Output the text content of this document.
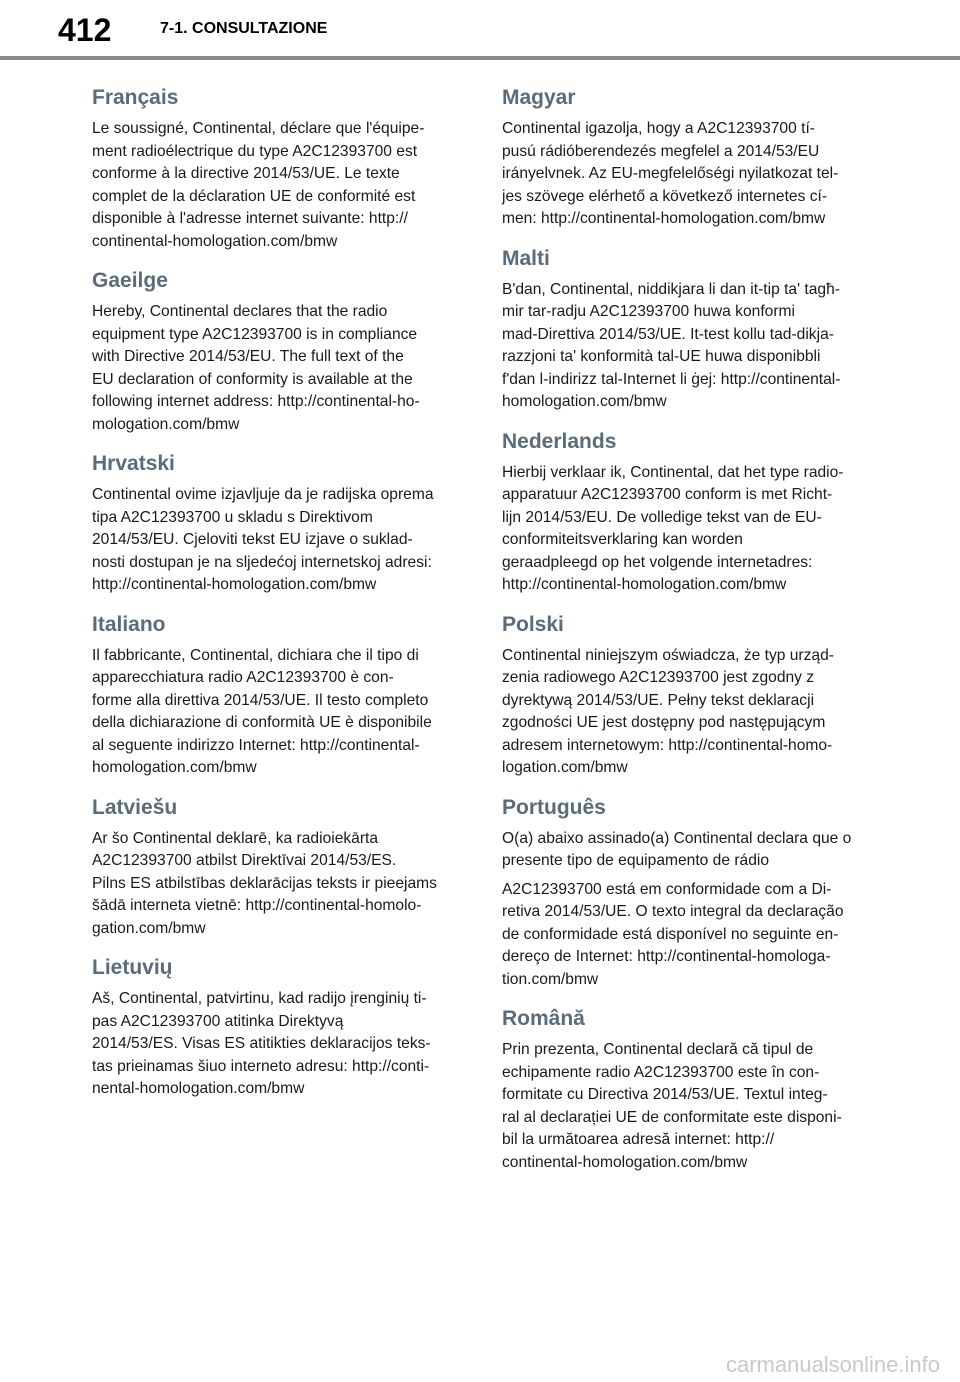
412	7-1. CONSULTAZIONE
Français

Le soussigné, Continental, déclare que l'équipe-
ment radioélectrique du type A2C12393700 est
conforme à la directive 2014/53/UE. Le texte
complet de la déclaration UE de conformité est
disponible à l'adresse internet suivante: http://
continental-homologation.com/bmw

Gaeilge

Hereby, Continental declares that the radio
equipment type A2C12393700 is in compliance
with Directive 2014/53/EU. The full text of the
EU declaration of conformity is available at the
following internet address: http://continental-ho-
mologation.com/bmw

Hrvatski

Continental ovime izjavljuje da je radijska oprema
tipa A2C12393700 u skladu s Direktivom
2014/53/EU. Cjeloviti tekst EU izjave o suklad-
nosti dostupan je na sljedećoj internetskoj adresi:
http://continental-homologation.com/bmw

Italiano

Il fabbricante, Continental, dichiara che il tipo di
apparecchiatura radio A2C12393700 è con-
forme alla direttiva 2014/53/UE. Il testo completo
della dichiarazione di conformità UE è disponibile
al seguente indirizzo Internet: http://continental-
homologation.com/bmw

Latviešu

Ar šo Continental deklarē, ka radioiekārta
A2C12393700 atbilst Direktīvai 2014/53/ES.
Pilns ES atbilstības deklarācijas teksts ir pieejams
šādā interneta vietnē: http://continental-homolo-
gation.com/bmw

Lietuvių

Aš, Continental, patvirtinu, kad radijo įrenginių ti-
pas A2C12393700 atitinka Direktyvą
2014/53/ES. Visas ES atitikties deklaracijos teks-
tas prieinamas šiuo interneto adresu: http://conti-
nental-homologation.com/bmw

Magyar

Continental igazolja, hogy a A2C12393700 tí-
pusú rádióberendezés megfelel a 2014/53/EU
irányelvnek. Az EU-megfelelőségi nyilatkozat tel-
jes szövege elérhető a következő internetes cí-
men: http://continental-homologation.com/bmw

Malti

B'dan, Continental, niddikjara li dan it-tip ta' tagħ-
mir tar-radju A2C12393700 huwa konformi
mad-Direttiva 2014/53/UE. It-test kollu tad-dikja-
razzjoni ta' konformità tal-UE huwa disponibbli
f'dan l-indirizz tal-Internet li ġej: http://continental-
homologation.com/bmw

Nederlands

Hierbij verklaar ik, Continental, dat het type radio-
apparatuur A2C12393700 conform is met Richt-
lijn 2014/53/EU. De volledige tekst van de EU-
conformiteitsverklaring kan worden
geraadpleegd op het volgende internetadres:
http://continental-homologation.com/bmw

Polski

Continental niniejszym oświadcza, że typ urząd-
zenia radiowego A2C12393700 jest zgodny z
dyrektywą 2014/53/UE. Pełny tekst deklaracji
zgodności UE jest dostępny pod następującym
adresem internetowym: http://continental-homo-
logation.com/bmw

Português

O(a) abaixo assinado(a) Continental declara que o
presente tipo de equipamento de rádio

A2C12393700 está em conformidade com a Di-
retiva 2014/53/UE. O texto integral da declaração
de conformidade está disponível no seguinte en-
dereço de Internet: http://continental-homologa-
tion.com/bmw

Română

Prin prezenta, Continental declară că tipul de
echipamente radio A2C12393700 este în con-
formitate cu Directiva 2014/53/UE. Textul integ-
ral al declarației UE de conformitate este disponi-
bil la următoarea adresă internet: http://
continental-homologation.com/bmw

carmanualsonline.info
